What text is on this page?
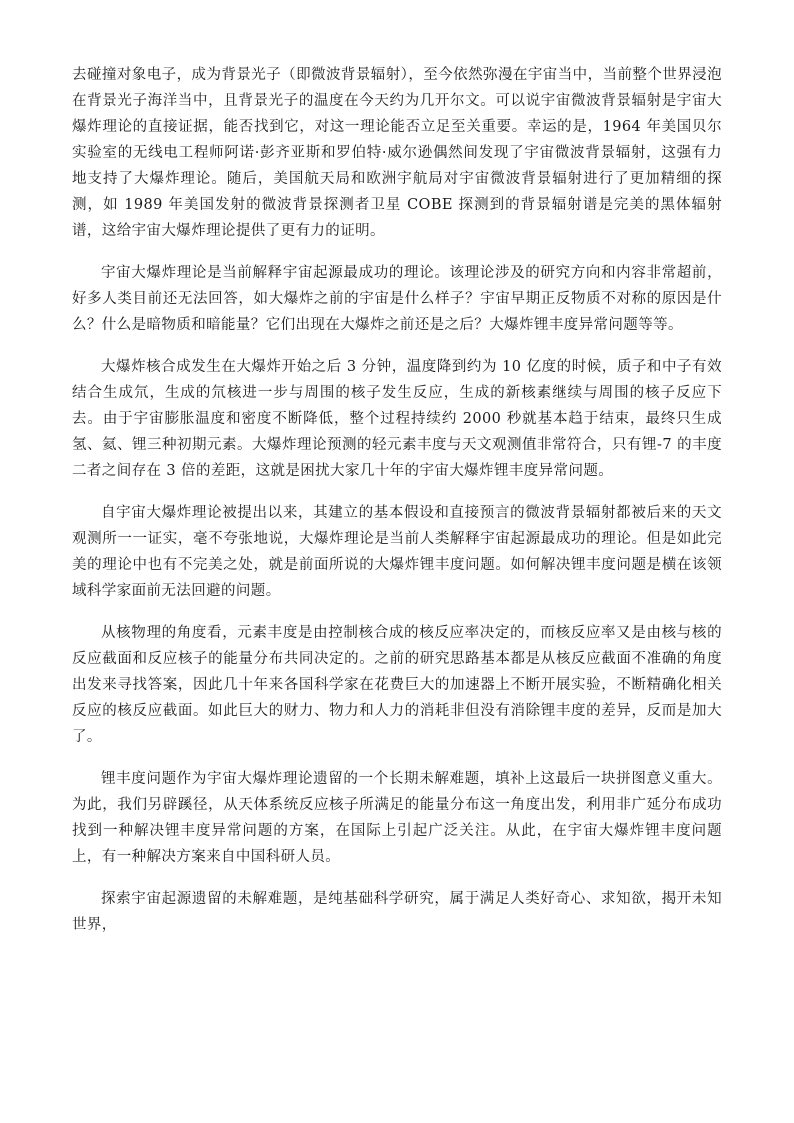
去碰撞对象电子，成为背景光子（即微波背景辐射），至今依然弥漫在宇宙当中，当前整个世界浸泡在背景光子海洋当中，且背景光子的温度在今天约为几开尔文。可以说宇宙微波背景辐射是宇宙大爆炸理论的直接证据，能否找到它，对这一理论能否立足至关重要。幸运的是，1964 年美国贝尔实验室的无线电工程师阿诺·彭齐亚斯和罗伯特·威尔逊偶然间发现了宇宙微波背景辐射，这强有力地支持了大爆炸理论。随后，美国航天局和欧洲宇航局对宇宙微波背景辐射进行了更加精细的探测，如 1989 年美国发射的微波背景探测者卫星 COBE 探测到的背景辐射谱是完美的黑体辐射谱，这给宇宙大爆炸理论提供了更有力的证明。

宇宙大爆炸理论是当前解释宇宙起源最成功的理论。该理论涉及的研究方向和内容非常超前，好多人类目前还无法回答，如大爆炸之前的宇宙是什么样子？宇宙早期正反物质不对称的原因是什么？什么是暗物质和暗能量？它们出现在大爆炸之前还是之后？大爆炸锂丰度异常问题等等。

大爆炸核合成发生在大爆炸开始之后 3 分钟，温度降到约为 10 亿度的时候，质子和中子有效结合生成氘，生成的氘核进一步与周围的核子发生反应，生成的新核素继续与周围的核子反应下去。由于宇宙膨胀温度和密度不断降低，整个过程持续约 2000 秒就基本趋于结束，最终只生成氢、氦、锂三种初期元素。大爆炸理论预测的轻元素丰度与天文观测值非常符合，只有锂-7 的丰度二者之间存在 3 倍的差距，这就是困扰大家几十年的宇宙大爆炸锂丰度异常问题。

自宇宙大爆炸理论被提出以来，其建立的基本假设和直接预言的微波背景辐射都被后来的天文观测所一一证实，毫不夸张地说，大爆炸理论是当前人类解释宇宙起源最成功的理论。但是如此完美的理论中也有不完美之处，就是前面所说的大爆炸锂丰度问题。如何解决锂丰度问题是横在该领域科学家面前无法回避的问题。

从核物理的角度看，元素丰度是由控制核合成的核反应率决定的，而核反应率又是由核与核的反应截面和反应核子的能量分布共同决定的。之前的研究思路基本都是从核反应截面不准确的角度出发来寻找答案，因此几十年来各国科学家在花费巨大的加速器上不断开展实验，不断精确化相关反应的核反应截面。如此巨大的财力、物力和人力的消耗非但没有消除锂丰度的差异，反而是加大了。

锂丰度问题作为宇宙大爆炸理论遗留的一个长期未解难题，填补上这最后一块拼图意义重大。为此，我们另辟蹊径，从天体系统反应核子所满足的能量分布这一角度出发，利用非广延分布成功找到一种解决锂丰度异常问题的方案，在国际上引起广泛关注。从此，在宇宙大爆炸锂丰度问题上，有一种解决方案来自中国科研人员。

探索宇宙起源遗留的未解难题，是纯基础科学研究，属于满足人类好奇心、求知欲，揭开未知世界，
